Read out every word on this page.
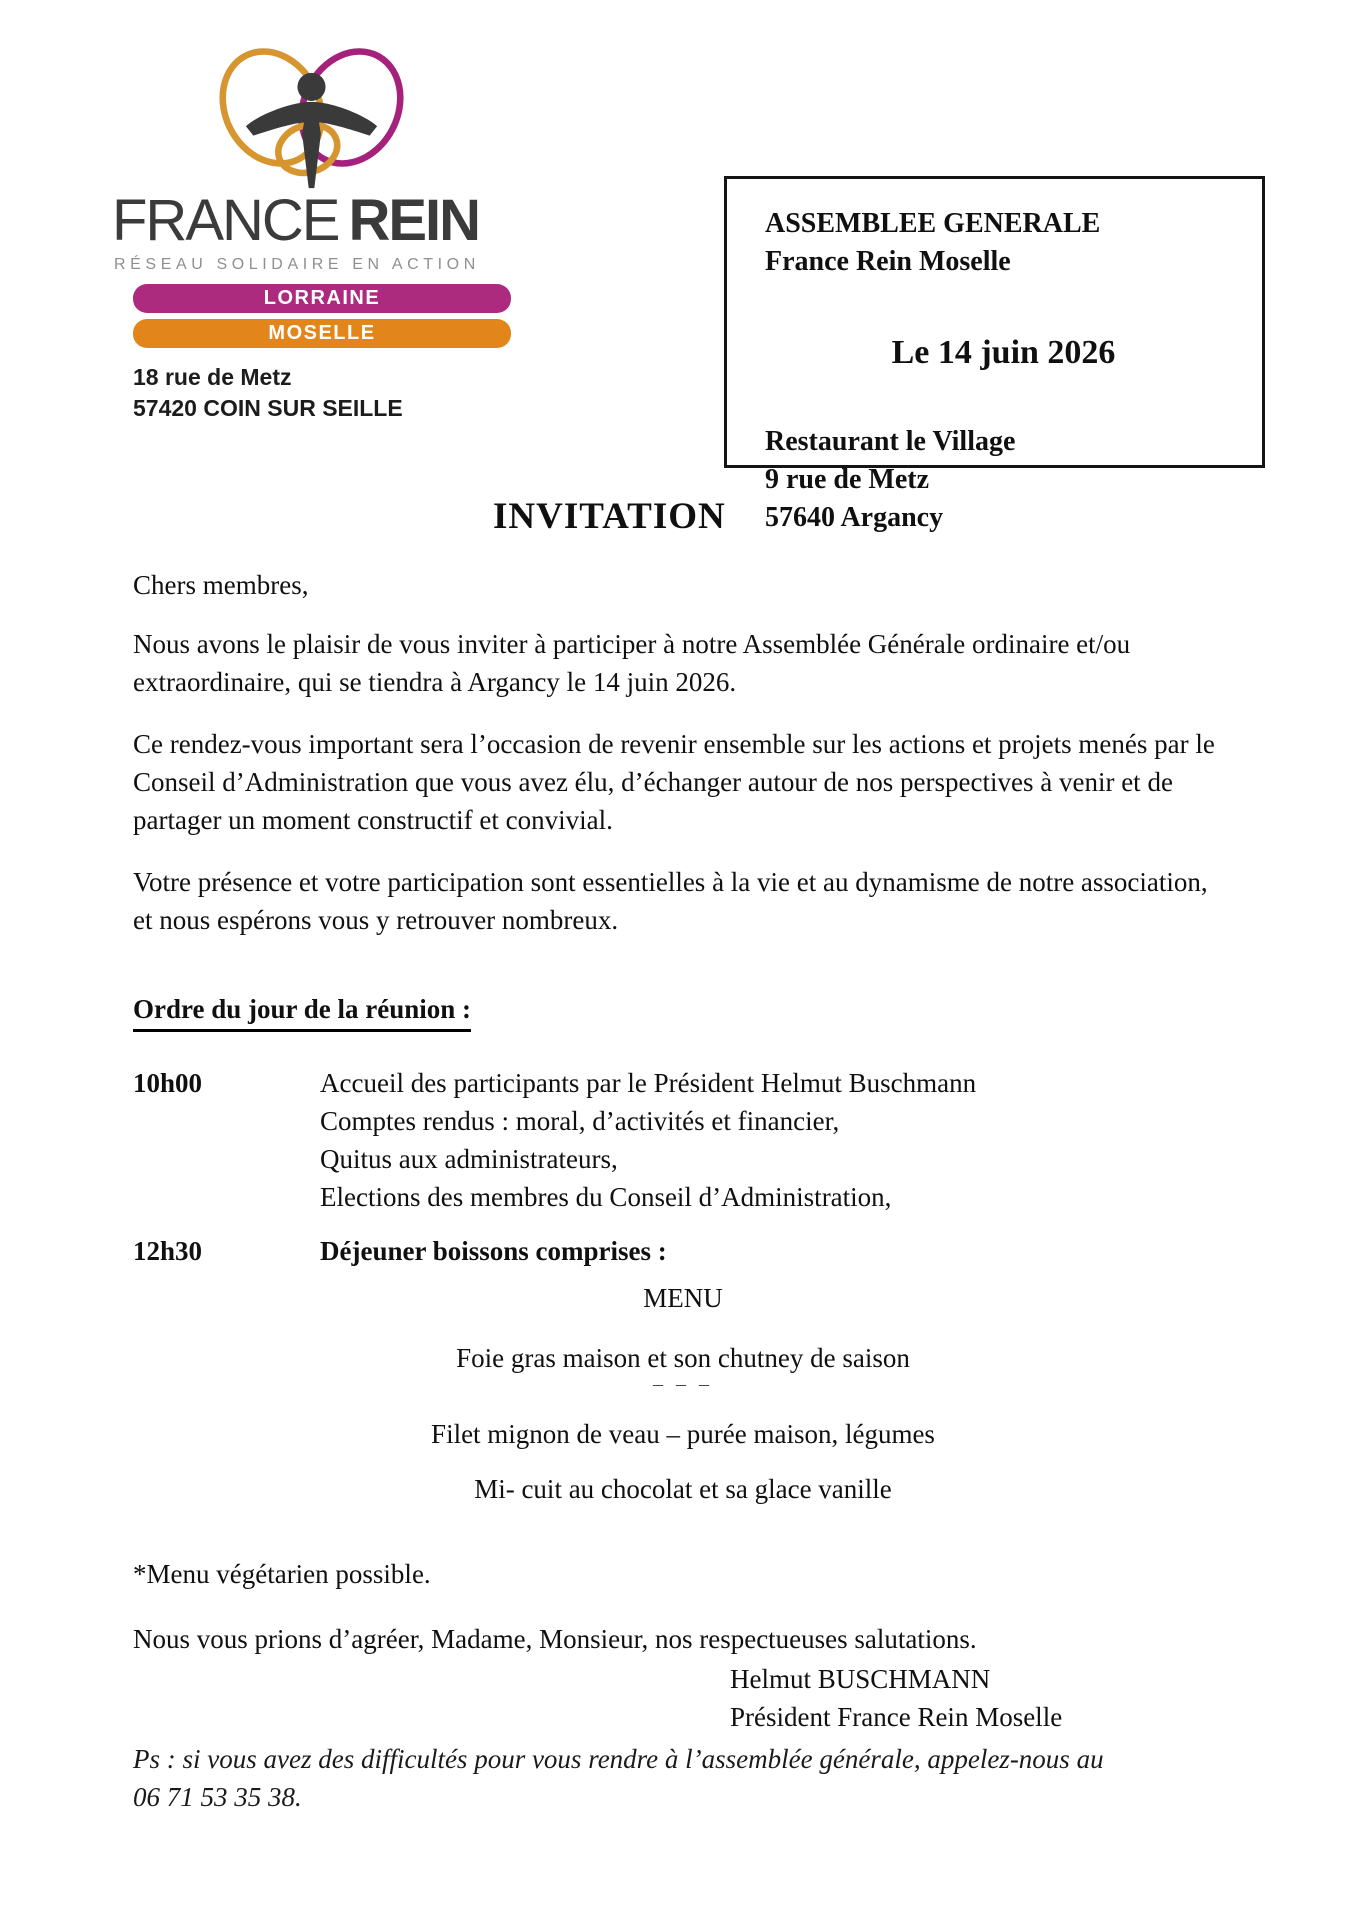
FRANCE REIN
RÉSEAU SOLIDAIRE EN ACTION
LORRAINE
MOSELLE
18 rue de Metz
57420 COIN SUR SEILLE
ASSEMBLEE GENERALE
France Rein Moselle
Le 14 juin 2026
Restaurant le Village
9 rue de Metz
57640 Argancy
INVITATION
Chers membres,
Nous avons le plaisir de vous inviter à participer à notre Assemblée Générale ordinaire et/ou extraordinaire, qui se tiendra à Argancy le 14 juin 2026.
Ce rendez-vous important sera l’occasion de revenir ensemble sur les actions et projets menés par le Conseil d’Administration que vous avez élu, d’échanger autour de nos perspectives à venir et de partager un moment constructif et convivial.
Votre présence et votre participation sont essentielles à la vie et au dynamisme de notre association, et nous espérons vous y retrouver nombreux.
Ordre du jour de la réunion :
10h00	Accueil des participants par le Président Helmut Buschmann
Comptes rendus : moral, d’activités et financier,
Quitus aux administrateurs,
Elections des membres du Conseil d’Administration,
12h30	Déjeuner boissons comprises :
MENU
Foie gras maison et son chutney de saison
– – –
Filet mignon de veau – purée maison, légumes
Mi- cuit au chocolat et sa glace vanille
*Menu végétarien possible.
Nous vous prions d’agréer, Madame, Monsieur, nos respectueuses salutations.
Helmut BUSCHMANN
Président France Rein Moselle
Ps : si vous avez des difficultés pour vous rendre à l’assemblée générale, appelez-nous au
06 71 53 35 38.
